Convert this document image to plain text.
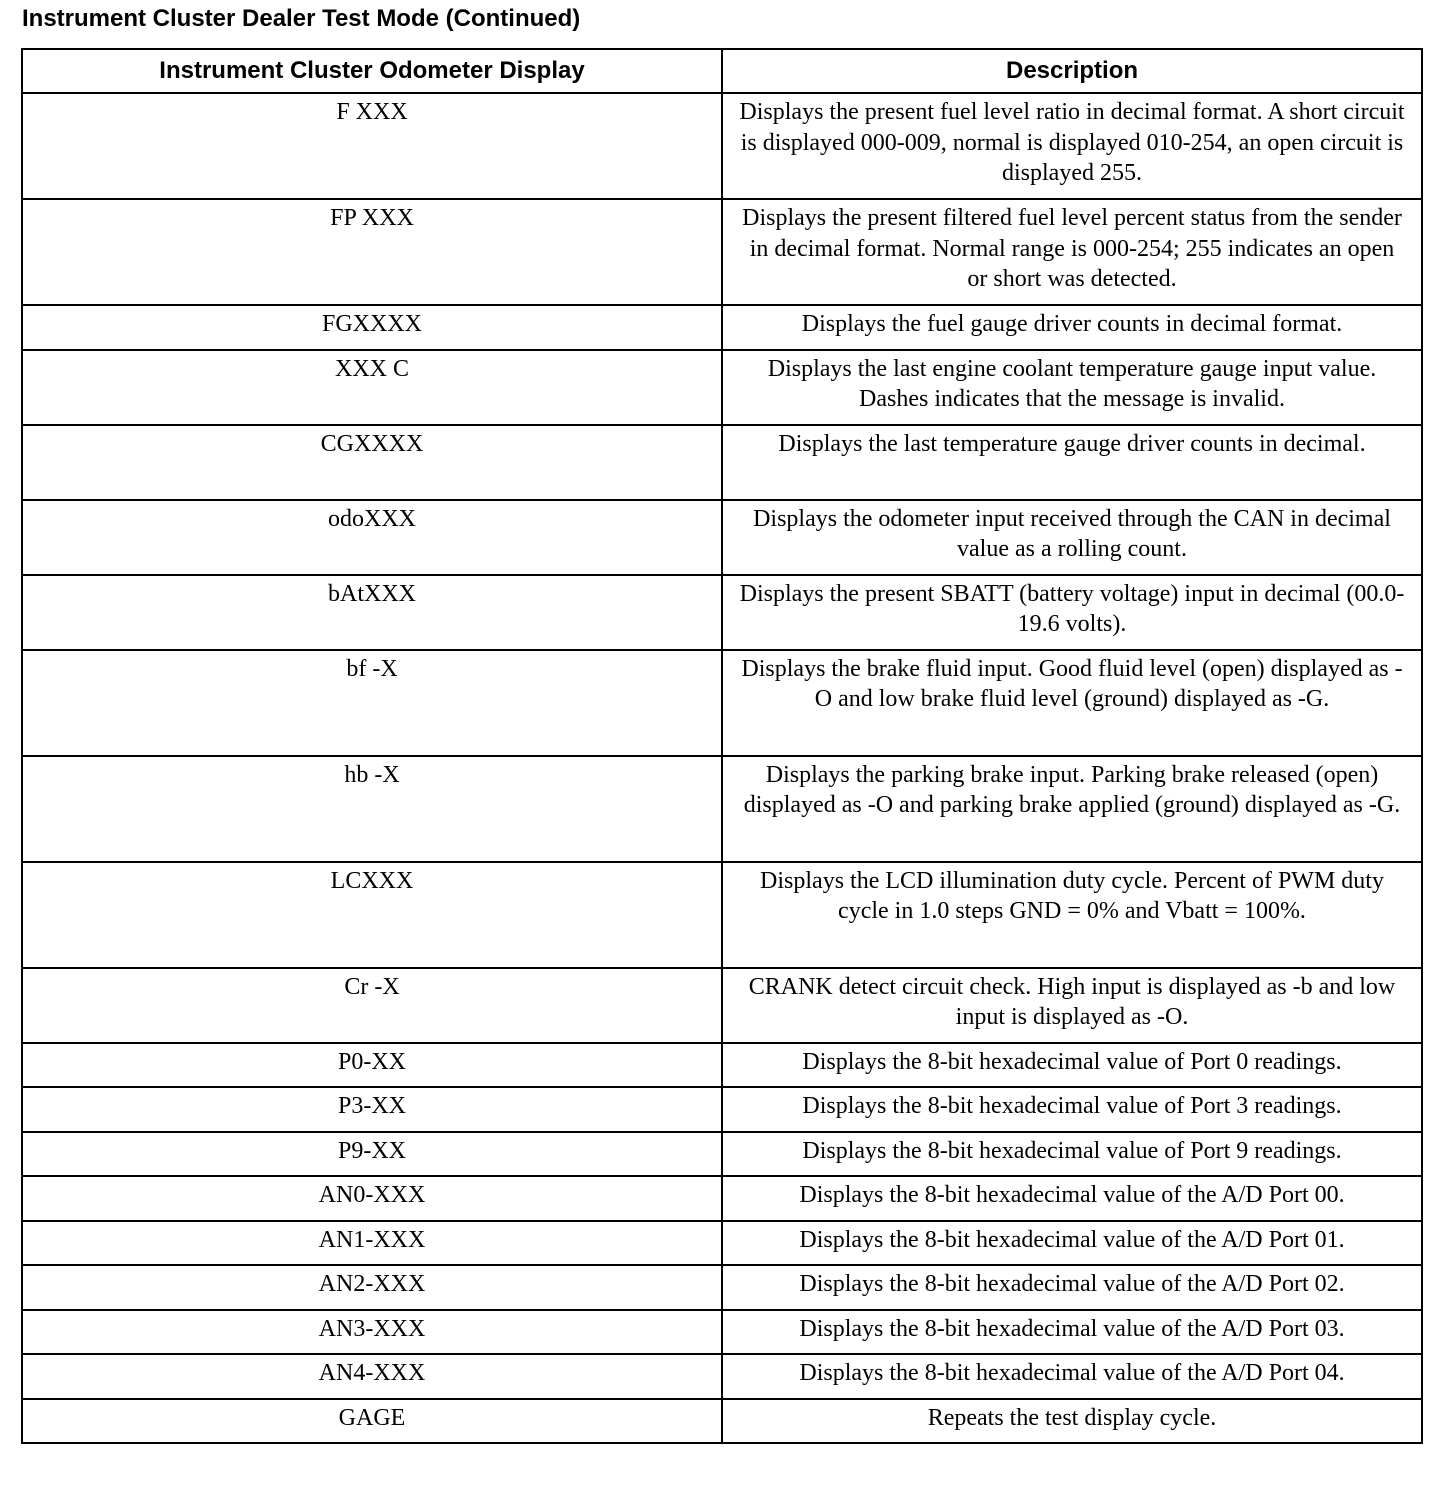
Instrument Cluster Dealer Test Mode (Continued)
Instrument Cluster Odometer Display	Description
F XXX	Displays the present fuel level ratio in decimal format. A short circuit is displayed 000-009, normal is displayed 010-254, an open circuit is displayed 255.
FP XXX	Displays the present filtered fuel level percent status from the sender in decimal format. Normal range is 000-254; 255 indicates an open or short was detected.
FGXXXX	Displays the fuel gauge driver counts in decimal format.
XXX C	Displays the last engine coolant temperature gauge input value. Dashes indicates that the message is invalid.
CGXXXX	Displays the last temperature gauge driver counts in decimal.
odoXXX	Displays the odometer input received through the CAN in decimal value as a rolling count.
bAtXXX	Displays the present SBATT (battery voltage) input in decimal (00.0-19.6 volts).
bf -X	Displays the brake fluid input. Good fluid level (open) displayed as -O and low brake fluid level (ground) displayed as -G.
hb -X	Displays the parking brake input. Parking brake released (open) displayed as -O and parking brake applied (ground) displayed as -G.
LCXXX	Displays the LCD illumination duty cycle. Percent of PWM duty cycle in 1.0 steps GND = 0% and Vbatt = 100%.
Cr -X	CRANK detect circuit check. High input is displayed as -b and low input is displayed as -O.
P0-XX	Displays the 8-bit hexadecimal value of Port 0 readings.
P3-XX	Displays the 8-bit hexadecimal value of Port 3 readings.
P9-XX	Displays the 8-bit hexadecimal value of Port 9 readings.
AN0-XXX	Displays the 8-bit hexadecimal value of the A/D Port 00.
AN1-XXX	Displays the 8-bit hexadecimal value of the A/D Port 01.
AN2-XXX	Displays the 8-bit hexadecimal value of the A/D Port 02.
AN3-XXX	Displays the 8-bit hexadecimal value of the A/D Port 03.
AN4-XXX	Displays the 8-bit hexadecimal value of the A/D Port 04.
GAGE	Repeats the test display cycle.
